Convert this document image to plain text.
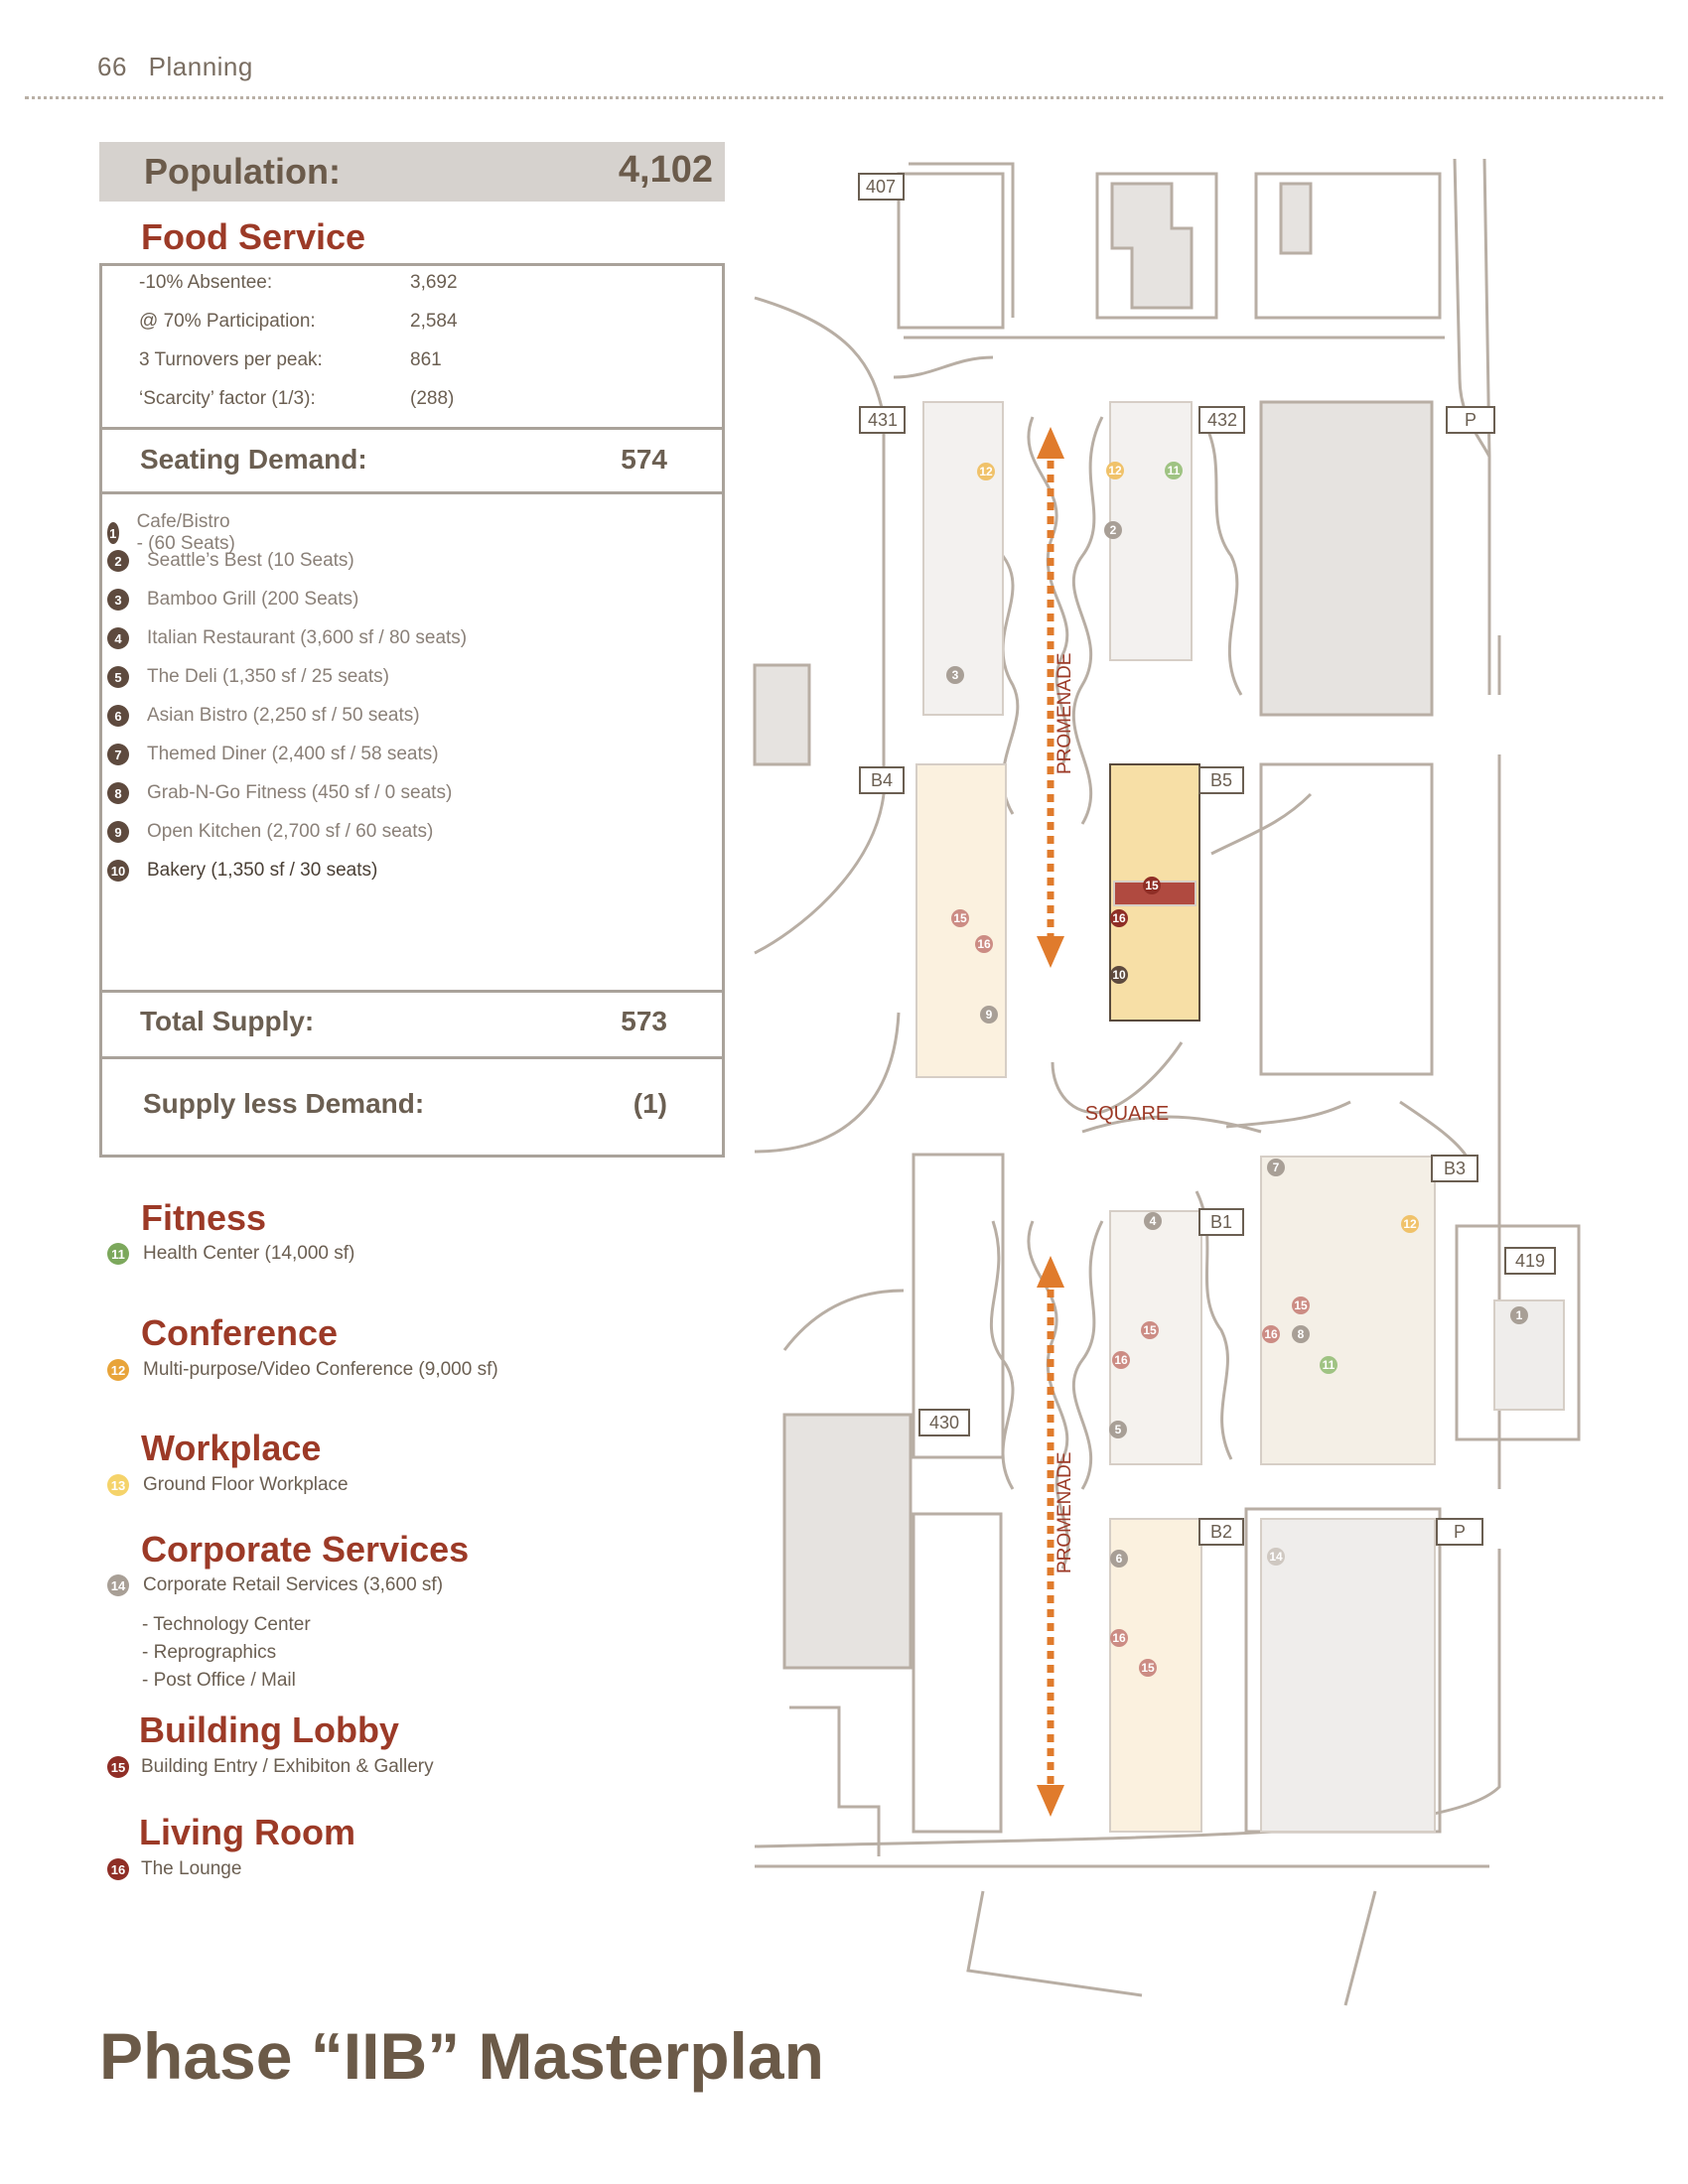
66 Planning
Population:	4,102
Food Service
-10% Absentee:	3,692
@ 70% Participation:	2,584
3 Turnovers per peak:	861
‘Scarcity’ factor (1/3):	(288)
Seating Demand:	574
1
Cafe/Bistro - (60 Seats)
2	Seattle’s Best (10 Seats)
3	Bamboo Grill (200 Seats)
4	Italian Restaurant (3,600 sf / 80 seats)
5	The Deli (1,350 sf / 25 seats)
6	Asian Bistro (2,250 sf / 50 seats)
7	Themed Diner (2,400 sf / 58 seats)
8	Grab-N-Go Fitness (450 sf / 0 seats)
9	Open Kitchen (2,700 sf / 60 seats)
10 Bakery (1,350 sf / 30 seats)
Total Supply:	573
Supply less Demand:	(1)
Fitness
11 Health Center (14,000 sf)
Conference
12 Multi-purpose/Video Conference (9,000 sf)
Workplace
13 Ground Floor Workplace
Corporate Services
14 Corporate Retail Services (3,600 sf)
- Technology Center
- Reprographics
- Post Office / Mail
Building Lobby
15 Building Entry / Exhibiton & Gallery
Living Room
16 The Lounge
Phase “IIB” Masterplan
407
431	432	P
B4	B5
B3
B1
419
430
B2	P
PROMENADE
PROMENADE
SQUARE
3
2
11
12
12
9
15
16
15
16
10
7
4	12
15
16 8
11
1
15
16
5
6
16
15
14
